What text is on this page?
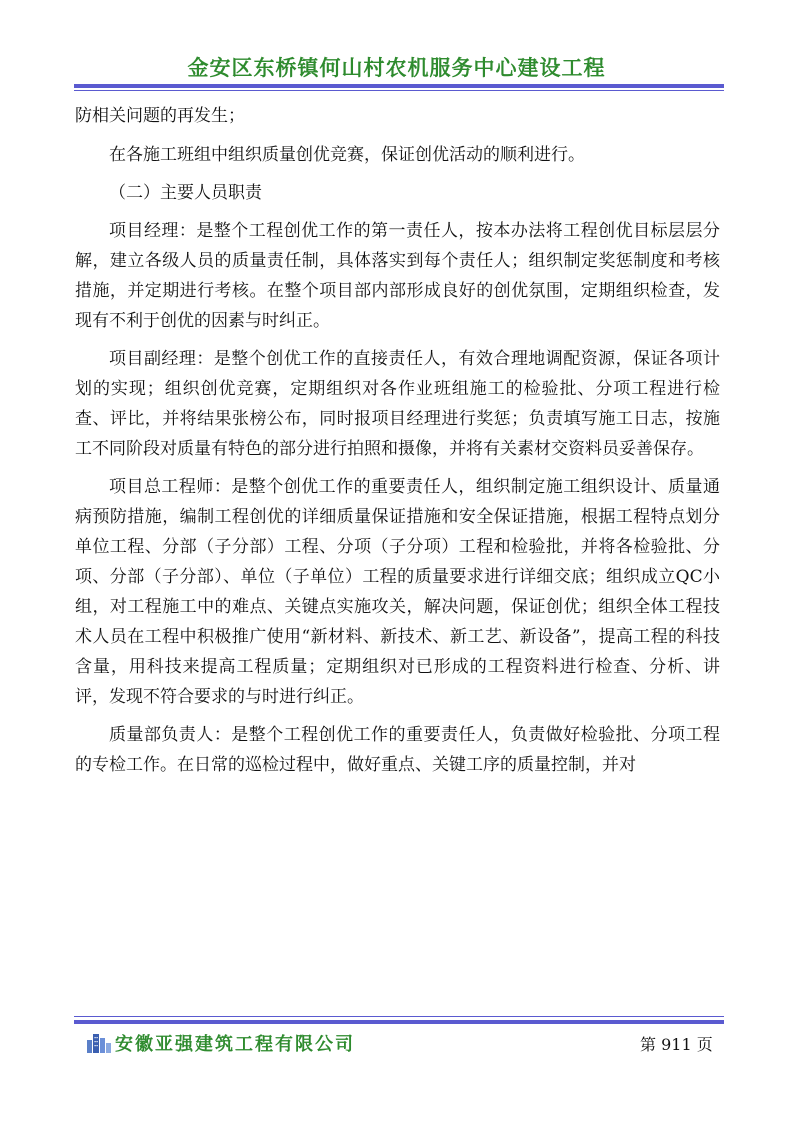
金安区东桥镇何山村农机服务中心建设工程

防相关问题的再发生；

在各施工班组中组织质量创优竞赛，保证创优活动的顺利进行。

（二）主要人员职责

项目经理：是整个工程创优工作的第一责任人，按本办法将工程创优目标层层分解，建立各级人员的质量责任制，具体落实到每个责任人；组织制定奖惩制度和考核措施，并定期进行考核。在整个项目部内部形成良好的创优氛围，定期组织检查，发现有不利于创优的因素与时纠正。

项目副经理：是整个创优工作的直接责任人，有效合理地调配资源，保证各项计划的实现；组织创优竞赛，定期组织对各作业班组施工的检验批、分项工程进行检查、评比，并将结果张榜公布，同时报项目经理进行奖惩；负责填写施工日志，按施工不同阶段对质量有特色的部分进行拍照和摄像，并将有关素材交资料员妥善保存。

项目总工程师：是整个创优工作的重要责任人，组织制定施工组织设计、质量通病预防措施，编制工程创优的详细质量保证措施和安全保证措施，根据工程特点划分单位工程、分部（子分部）工程、分项（子分项）工程和检验批，并将各检验批、分项、分部（子分部）、单位（子单位）工程的质量要求进行详细交底；组织成立QC小组，对工程施工中的难点、关键点实施攻关，解决问题，保证创优；组织全体工程技术人员在工程中积极推广使用“新材料、新技术、新工艺、新设备”，提高工程的科技含量，用科技来提高工程质量；定期组织对已形成的工程资料进行检查、分析、讲评，发现不符合要求的与时进行纠正。

质量部负责人：是整个工程创优工作的重要责任人，负责做好检验批、分项工程的专检工作。在日常的巡检过程中，做好重点、关键工序的质量控制，并对

安徽亚强建筑工程有限公司	第 911 页
